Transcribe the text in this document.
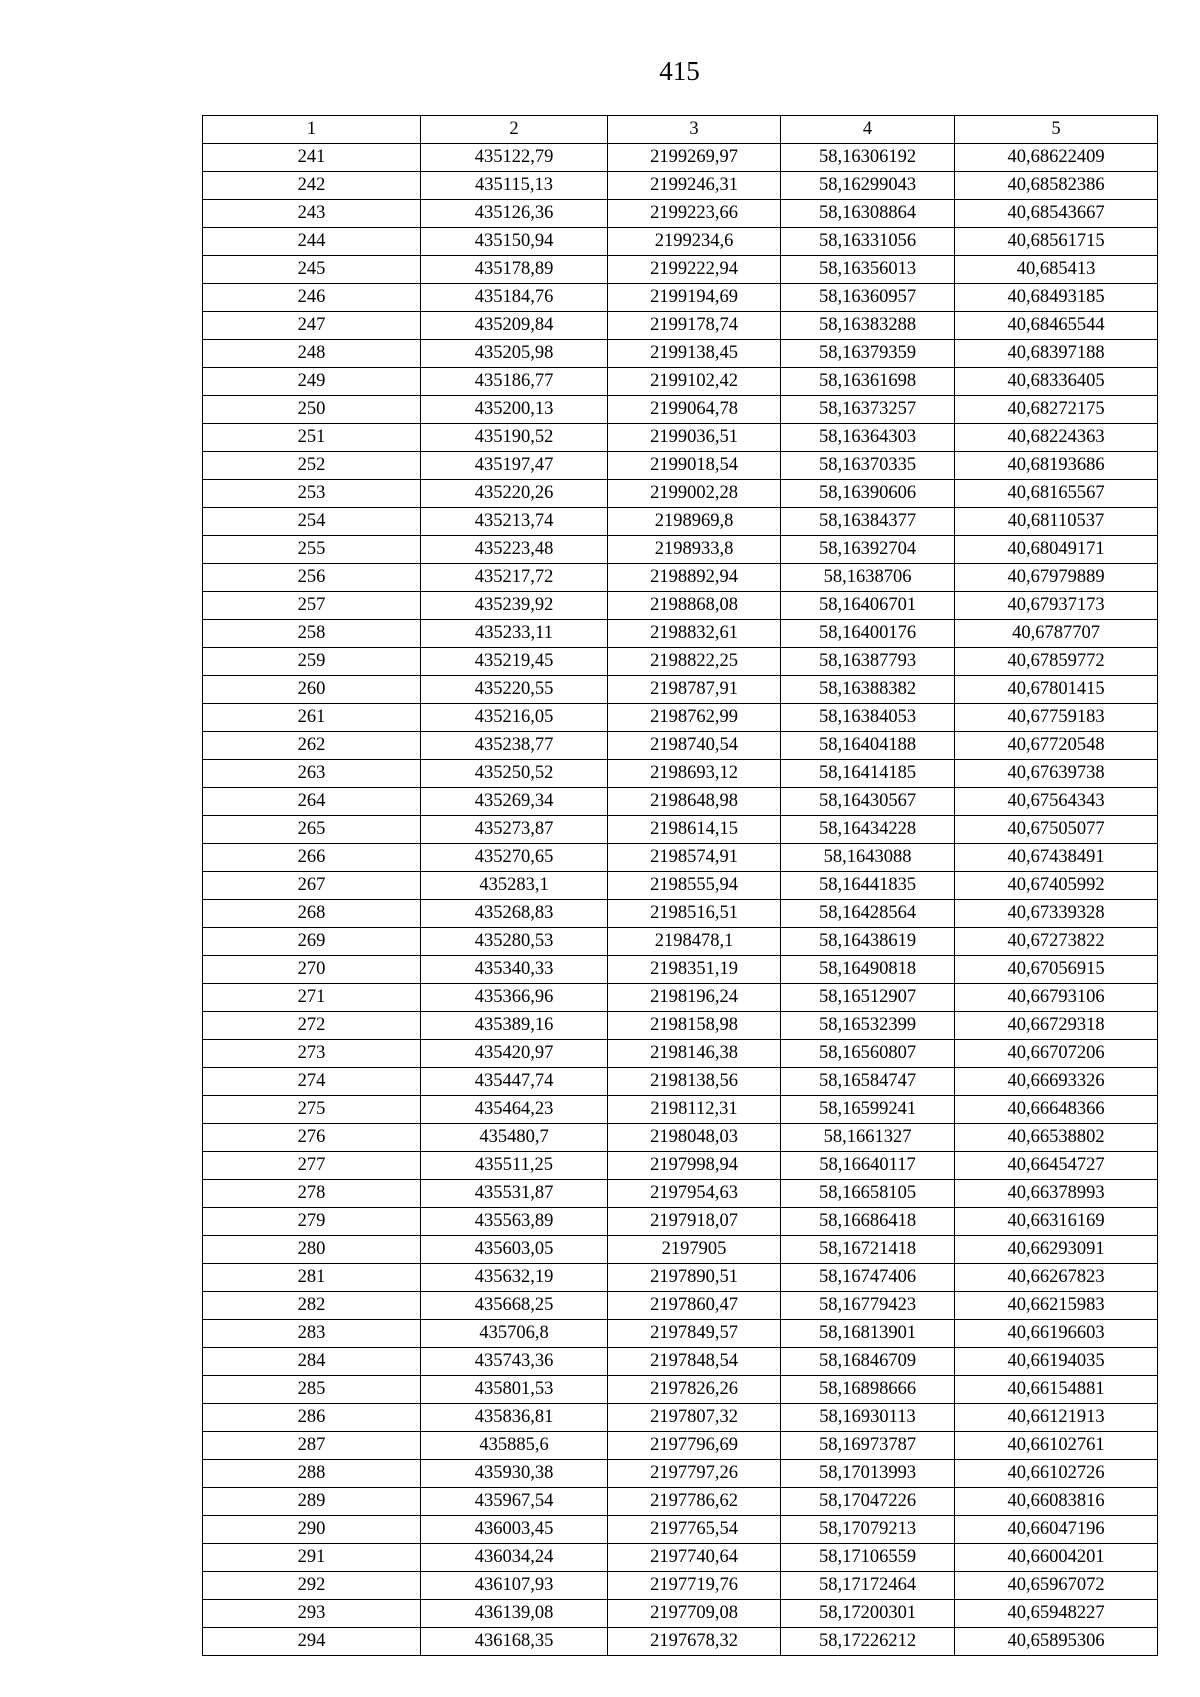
415
1	2	3	4	5
241	435122,79	2199269,97	58,16306192	40,68622409
242	435115,13	2199246,31	58,16299043	40,68582386
243	435126,36	2199223,66	58,16308864	40,68543667
244	435150,94	2199234,6	58,16331056	40,68561715
245	435178,89	2199222,94	58,16356013	40,685413
246	435184,76	2199194,69	58,16360957	40,68493185
247	435209,84	2199178,74	58,16383288	40,68465544
248	435205,98	2199138,45	58,16379359	40,68397188
249	435186,77	2199102,42	58,16361698	40,68336405
250	435200,13	2199064,78	58,16373257	40,68272175
251	435190,52	2199036,51	58,16364303	40,68224363
252	435197,47	2199018,54	58,16370335	40,68193686
253	435220,26	2199002,28	58,16390606	40,68165567
254	435213,74	2198969,8	58,16384377	40,68110537
255	435223,48	2198933,8	58,16392704	40,68049171
256	435217,72	2198892,94	58,1638706	40,67979889
257	435239,92	2198868,08	58,16406701	40,67937173
258	435233,11	2198832,61	58,16400176	40,6787707
259	435219,45	2198822,25	58,16387793	40,67859772
260	435220,55	2198787,91	58,16388382	40,67801415
261	435216,05	2198762,99	58,16384053	40,67759183
262	435238,77	2198740,54	58,16404188	40,67720548
263	435250,52	2198693,12	58,16414185	40,67639738
264	435269,34	2198648,98	58,16430567	40,67564343
265	435273,87	2198614,15	58,16434228	40,67505077
266	435270,65	2198574,91	58,1643088	40,67438491
267	435283,1	2198555,94	58,16441835	40,67405992
268	435268,83	2198516,51	58,16428564	40,67339328
269	435280,53	2198478,1	58,16438619	40,67273822
270	435340,33	2198351,19	58,16490818	40,67056915
271	435366,96	2198196,24	58,16512907	40,66793106
272	435389,16	2198158,98	58,16532399	40,66729318
273	435420,97	2198146,38	58,16560807	40,66707206
274	435447,74	2198138,56	58,16584747	40,66693326
275	435464,23	2198112,31	58,16599241	40,66648366
276	435480,7	2198048,03	58,1661327	40,66538802
277	435511,25	2197998,94	58,16640117	40,66454727
278	435531,87	2197954,63	58,16658105	40,66378993
279	435563,89	2197918,07	58,16686418	40,66316169
280	435603,05	2197905	58,16721418	40,66293091
281	435632,19	2197890,51	58,16747406	40,66267823
282	435668,25	2197860,47	58,16779423	40,66215983
283	435706,8	2197849,57	58,16813901	40,66196603
284	435743,36	2197848,54	58,16846709	40,66194035
285	435801,53	2197826,26	58,16898666	40,66154881
286	435836,81	2197807,32	58,16930113	40,66121913
287	435885,6	2197796,69	58,16973787	40,66102761
288	435930,38	2197797,26	58,17013993	40,66102726
289	435967,54	2197786,62	58,17047226	40,66083816
290	436003,45	2197765,54	58,17079213	40,66047196
291	436034,24	2197740,64	58,17106559	40,66004201
292	436107,93	2197719,76	58,17172464	40,65967072
293	436139,08	2197709,08	58,17200301	40,65948227
294	436168,35	2197678,32	58,17226212	40,65895306
